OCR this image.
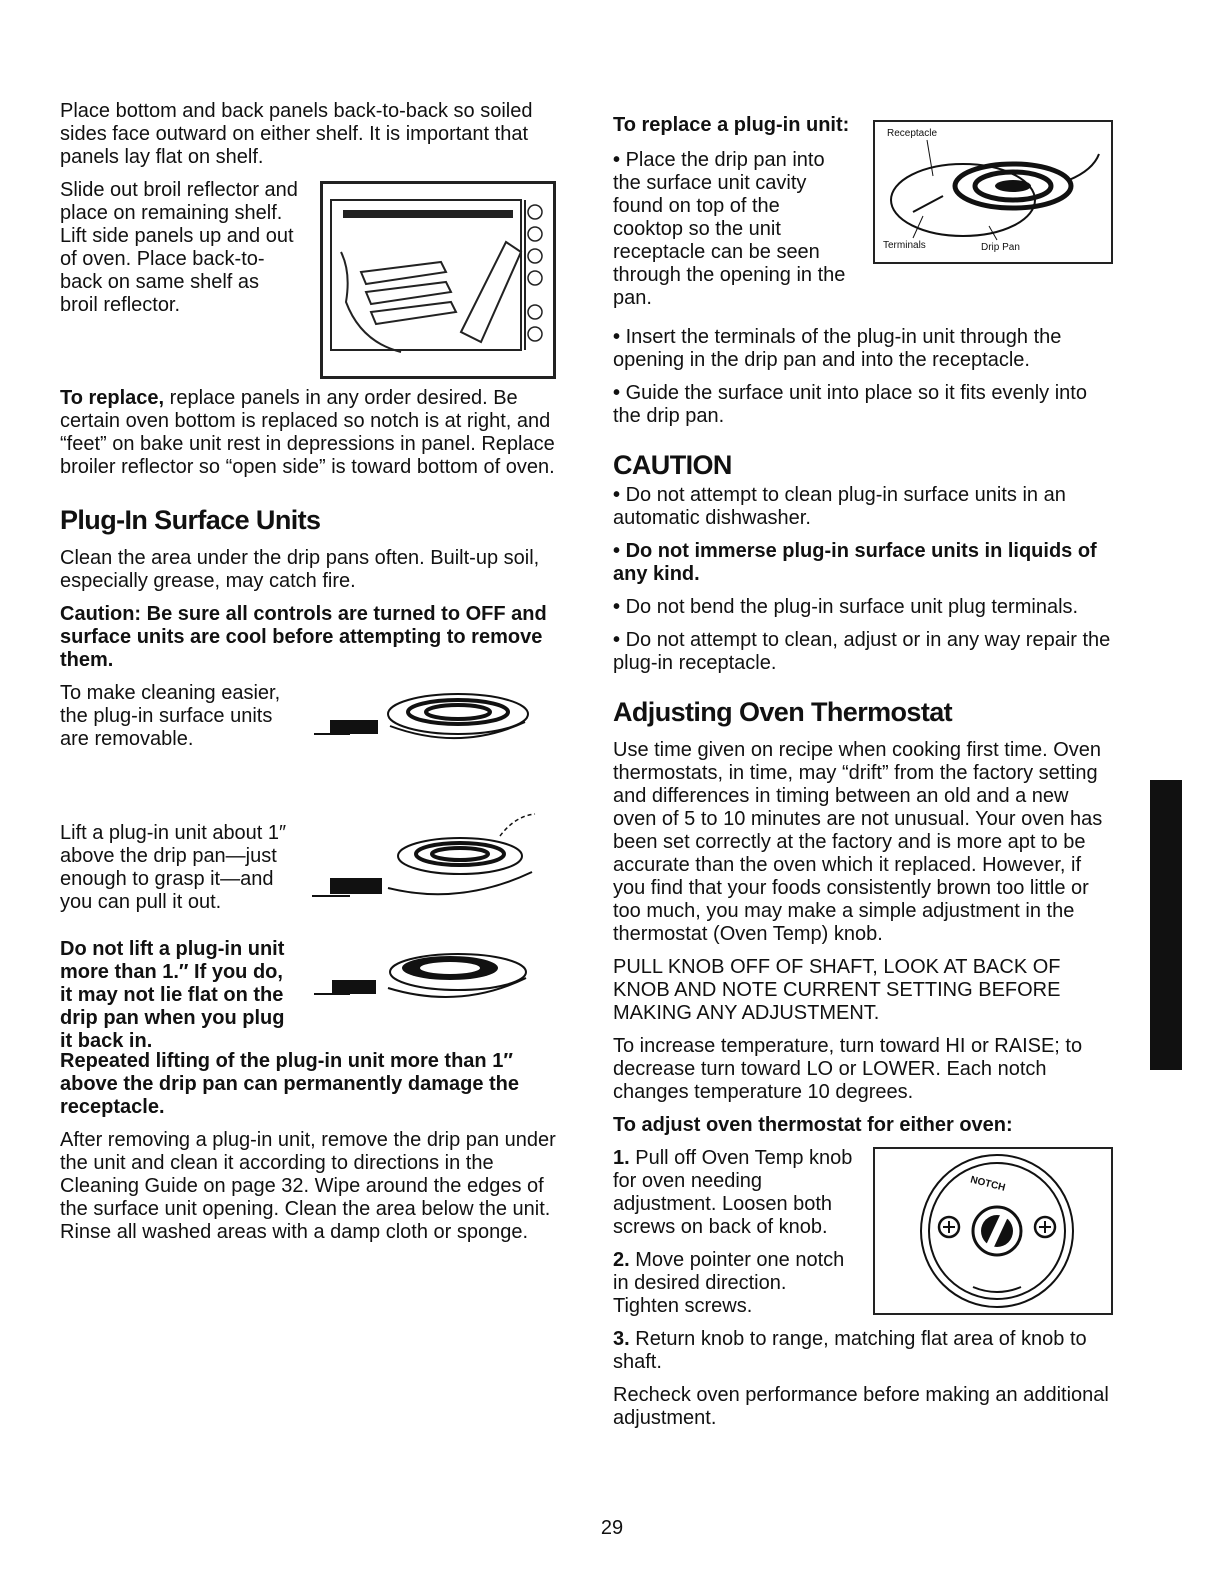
Place bottom and back panels back-to-back so soiled sides face outward on either shelf. It is important that panels lay flat on shelf.

Slide out broil reflector and place on remaining shelf. Lift side panels up and out of oven. Place back-to-back on same shelf as broil reflector.

To replace, replace panels in any order desired. Be certain oven bottom is replaced so notch is at right, and “feet” on bake unit rest in depressions in panel. Replace broiler reflector so “open side” is toward bottom of oven.

Plug-In Surface Units

Clean the area under the drip pans often. Built-up soil, especially grease, may catch fire.

Caution: Be sure all controls are turned to OFF and surface units are cool before attempting to remove them.

To make cleaning easier, the plug-in surface units are removable.

Lift a plug-in unit about 1″ above the drip pan—just enough to grasp it—and you can pull it out.

Do not lift a plug-in unit more than 1.″ If you do, it may not lie flat on the drip pan when you plug it back in.

Repeated lifting of the plug-in unit more than 1″ above the drip pan can permanently damage the receptacle.

After removing a plug-in unit, remove the drip pan under the unit and clean it according to directions in the Cleaning Guide on page 32. Wipe around the edges of the surface unit opening. Clean the area below the unit. Rinse all washed areas with a damp cloth or sponge.

To replace a plug-in unit:

• Place the drip pan into the surface unit cavity found on top of the cooktop so the unit receptacle can be seen through the opening in the pan.

Receptacle
Terminals	Drip Pan

• Insert the terminals of the plug-in unit through the opening in the drip pan and into the receptacle.

• Guide the surface unit into place so it fits evenly into the drip pan.

CAUTION

• Do not attempt to clean plug-in surface units in an automatic dishwasher.

• Do not immerse plug-in surface units in liquids of any kind.

• Do not bend the plug-in surface unit plug terminals.

• Do not attempt to clean, adjust or in any way repair the plug-in receptacle.

Adjusting Oven Thermostat

Use time given on recipe when cooking first time. Oven thermostats, in time, may “drift” from the factory setting and differences in timing between an old and a new oven of 5 to 10 minutes are not unusual. Your oven has been set correctly at the factory and is more apt to be accurate than the oven which it replaced. However, if you find that your foods consistently brown too little or too much, you may make a simple adjustment in the thermostat (Oven Temp) knob.

PULL KNOB OFF OF SHAFT, LOOK AT BACK OF KNOB AND NOTE CURRENT SETTING BEFORE MAKING ANY ADJUSTMENT.

To increase temperature, turn toward HI or RAISE; to decrease turn toward LO or LOWER. Each notch changes temperature 10 degrees.

To adjust oven thermostat for either oven:

1. Pull off Oven Temp knob for oven needing adjustment. Loosen both screws on back of knob.

2. Move pointer one notch in desired direction. Tighten screws.

NOTCH

3. Return knob to range, matching flat area of knob to shaft.

Recheck oven performance before making an additional adjustment.

29
